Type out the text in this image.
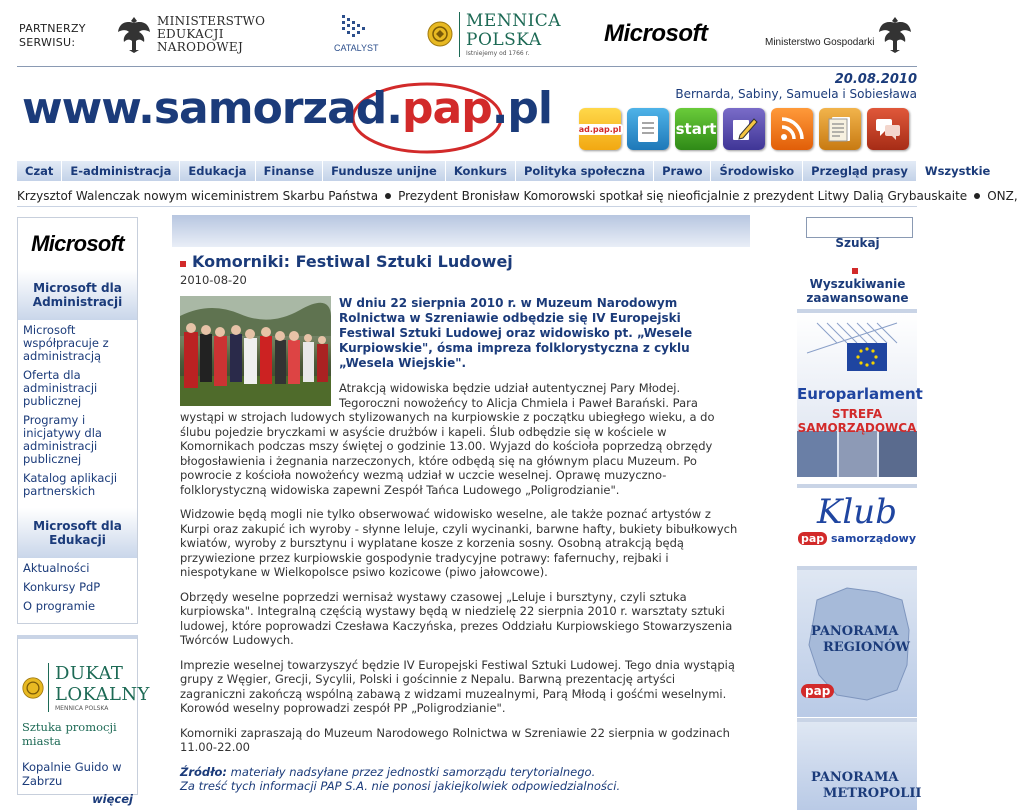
PARTNERZY
SERWISU:
MINISTERSTWO
EDUKACJI
NARODOWEJ	CATALYST
MENNICA
POLSKA
Istniejemy od 1766 r.
Microsoft	Ministerstwo Gospodarki
www.samorzad.pap.pl
20.08.2010
Bernarda, Sabiny, Samuela i Sobiesława
ad.pap.pl	start
Czat	E-administracja	Edukacja	Finanse	Fundusze unijne	Konkurs	Polityka społeczna	Prawo	Środowisko	Przegląd prasy	Wszystkie
Krzysztof Walenczak nowym wiceministrem Skarbu Państwa Prezydent Bronisław Komorowski spotkał się nieoficjalnie z prezydent Litwy Dalią Grybauskaite ONZ,
Microsoft
Microsoft dla Administracji
Microsoft współpracuje z administracją
Oferta dla administracji publicznej
Programy i inicjatywy dla administracji publicznej
Katalog aplikacji partnerskich
Microsoft dla Edukacji
Aktualności
Konkursy PdP
O programie
DUKAT
LOKALNY
MENNICA POLSKA
Sztuka promocji miasta
Kopalnie Guido w Zabrzu
więcej
Komorniki: Festiwal Sztuki Ludowej
2010-08-20
W dniu 22 sierpnia 2010 r. w Muzeum Narodowym Rolnictwa w Szreniawie odbędzie się IV Europejski Festiwal Sztuki Ludowej oraz widowisko pt. „Wesele Kurpiowskie", ósma impreza folklorystyczna z cyklu „Wesela Wiejskie".

Atrakcją widowiska będzie udział autentycznej Pary Młodej. Tegoroczni nowożeńcy to Alicja Chmiela i Paweł Barański. Para wystąpi w strojach ludowych stylizowanych na kurpiowskie z początku ubiegłego wieku, a do ślubu pojedzie bryczkami w asyście drużbów i kapeli. Ślub odbędzie się w kościele w Komornikach podczas mszy świętej o godzinie 13.00. Wyjazd do kościoła poprzedzą obrzędy błogosławienia i żegnania narzeczonych, które odbędą się na głównym placu Muzeum. Po powrocie z kościoła nowożeńcy wezmą udział w uczcie weselnej. Oprawę muzyczno-folklorystyczną widowiska zapewni Zespół Tańca Ludowego „Poligrodzianie".

Widzowie będą mogli nie tylko obserwować widowisko weselne, ale także poznać artystów z Kurpi oraz zakupić ich wyroby - słynne leluje, czyli wycinanki, barwne hafty, bukiety bibułkowych kwiatów, wyroby z bursztynu i wyplatane kosze z korzenia sosny. Osobną atrakcją będą przywiezione przez kurpiowskie gospodynie tradycyjne potrawy: fafernuchy, rejbaki i niespotykane w Wielkopolsce psiwo kozicowe (piwo jałowcowe).

Obrzędy weselne poprzedzi wernisaż wystawy czasowej „Leluje i bursztyny, czyli sztuka kurpiowska". Integralną częścią wystawy będą w niedzielę 22 sierpnia 2010 r. warsztaty sztuki ludowej, które poprowadzi Czesława Kaczyńska, prezes Oddziału Kurpiowskiego Stowarzyszenia Twórców Ludowych.

Imprezie weselnej towarzyszyć będzie IV Europejski Festiwal Sztuki Ludowej. Tego dnia wystąpią grupy z Węgier, Grecji, Sycylii, Polski i gościnnie z Nepalu. Barwną prezentację artyści zagraniczni zakończą wspólną zabawą z widzami muzealnymi, Parą Młodą i gośćmi weselnymi. Korowód weselny poprowadzi zespół PP „Poligrodzianie".

Komorniki zapraszają do Muzeum Narodowego Rolnictwa w Szreniawie 22 sierpnia w godzinach 11.00-22.00

Źródło: materiały nadsyłane przez jednostki samorządu terytorialnego.
Za treść tych informacji PAP S.A. nie ponosi jakiejkolwiek odpowiedzialności.
Szukaj
Wyszukiwanie zaawansowane
Europarlament
STREFA SAMORZĄDOWCA
Klub
pap samorządowy
PANORAMA
REGIONÓW
pap
PANORAMA
METROPOLII
